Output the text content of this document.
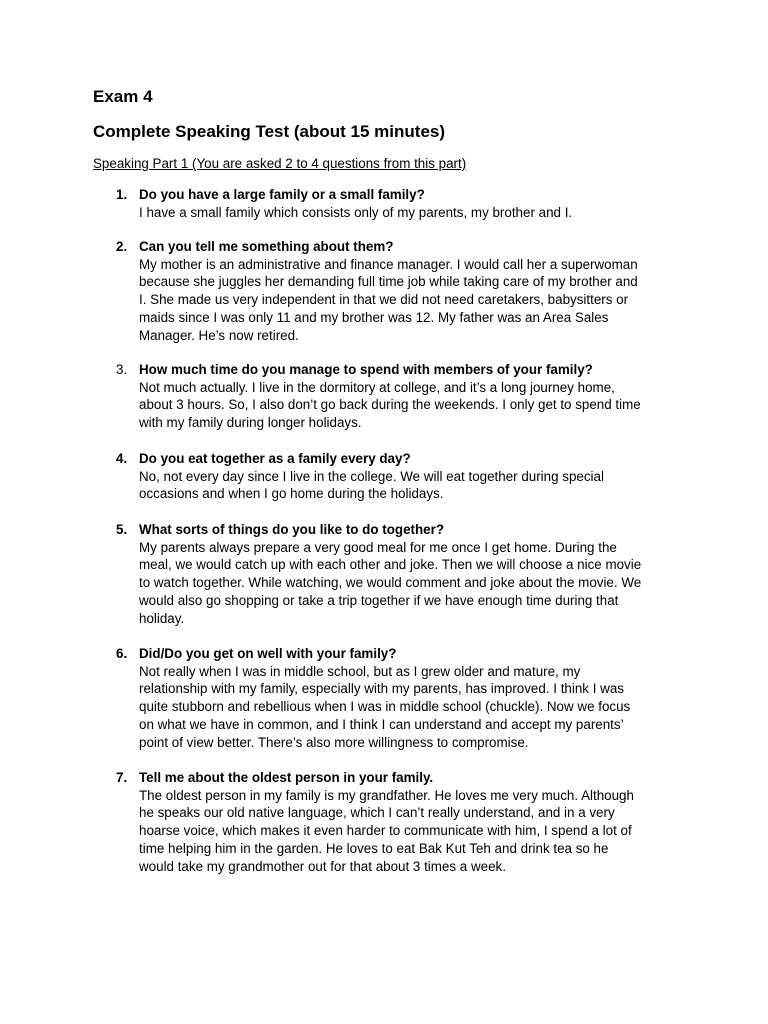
Exam 4
Complete Speaking Test (about 15 minutes)

Speaking Part 1 (You are asked 2 to 4 questions from this part)

1. Do you have a large family or a small family?
I have a small family which consists only of my parents, my brother and I.
2. Can you tell me something about them?
My mother is an administrative and finance manager. I would call her a superwoman
because she juggles her demanding full time job while taking care of my brother and
I. She made us very independent in that we did not need caretakers, babysitters or
maids since I was only 11 and my brother was 12. My father was an Area Sales
Manager. He’s now retired.
3. How much time do you manage to spend with members of your family?
Not much actually. I live in the dormitory at college, and it’s a long journey home,
about 3 hours. So, I also don’t go back during the weekends. I only get to spend time
with my family during longer holidays.
4. Do you eat together as a family every day?
No, not every day since I live in the college. We will eat together during special
occasions and when I go home during the holidays.
5. What sorts of things do you like to do together?
My parents always prepare a very good meal for me once I get home. During the
meal, we would catch up with each other and joke. Then we will choose a nice movie
to watch together. While watching, we would comment and joke about the movie. We
would also go shopping or take a trip together if we have enough time during that
holiday.
6. Did/Do you get on well with your family?
Not really when I was in middle school, but as I grew older and mature, my
relationship with my family, especially with my parents, has improved. I think I was
quite stubborn and rebellious when I was in middle school (chuckle). Now we focus
on what we have in common, and I think I can understand and accept my parents’
point of view better. There’s also more willingness to compromise.
7. Tell me about the oldest person in your family.
The oldest person in my family is my grandfather. He loves me very much. Although
he speaks our old native language, which I can’t really understand, and in a very
hoarse voice, which makes it even harder to communicate with him, I spend a lot of
time helping him in the garden. He loves to eat Bak Kut Teh and drink tea so he
would take my grandmother out for that about 3 times a week.
